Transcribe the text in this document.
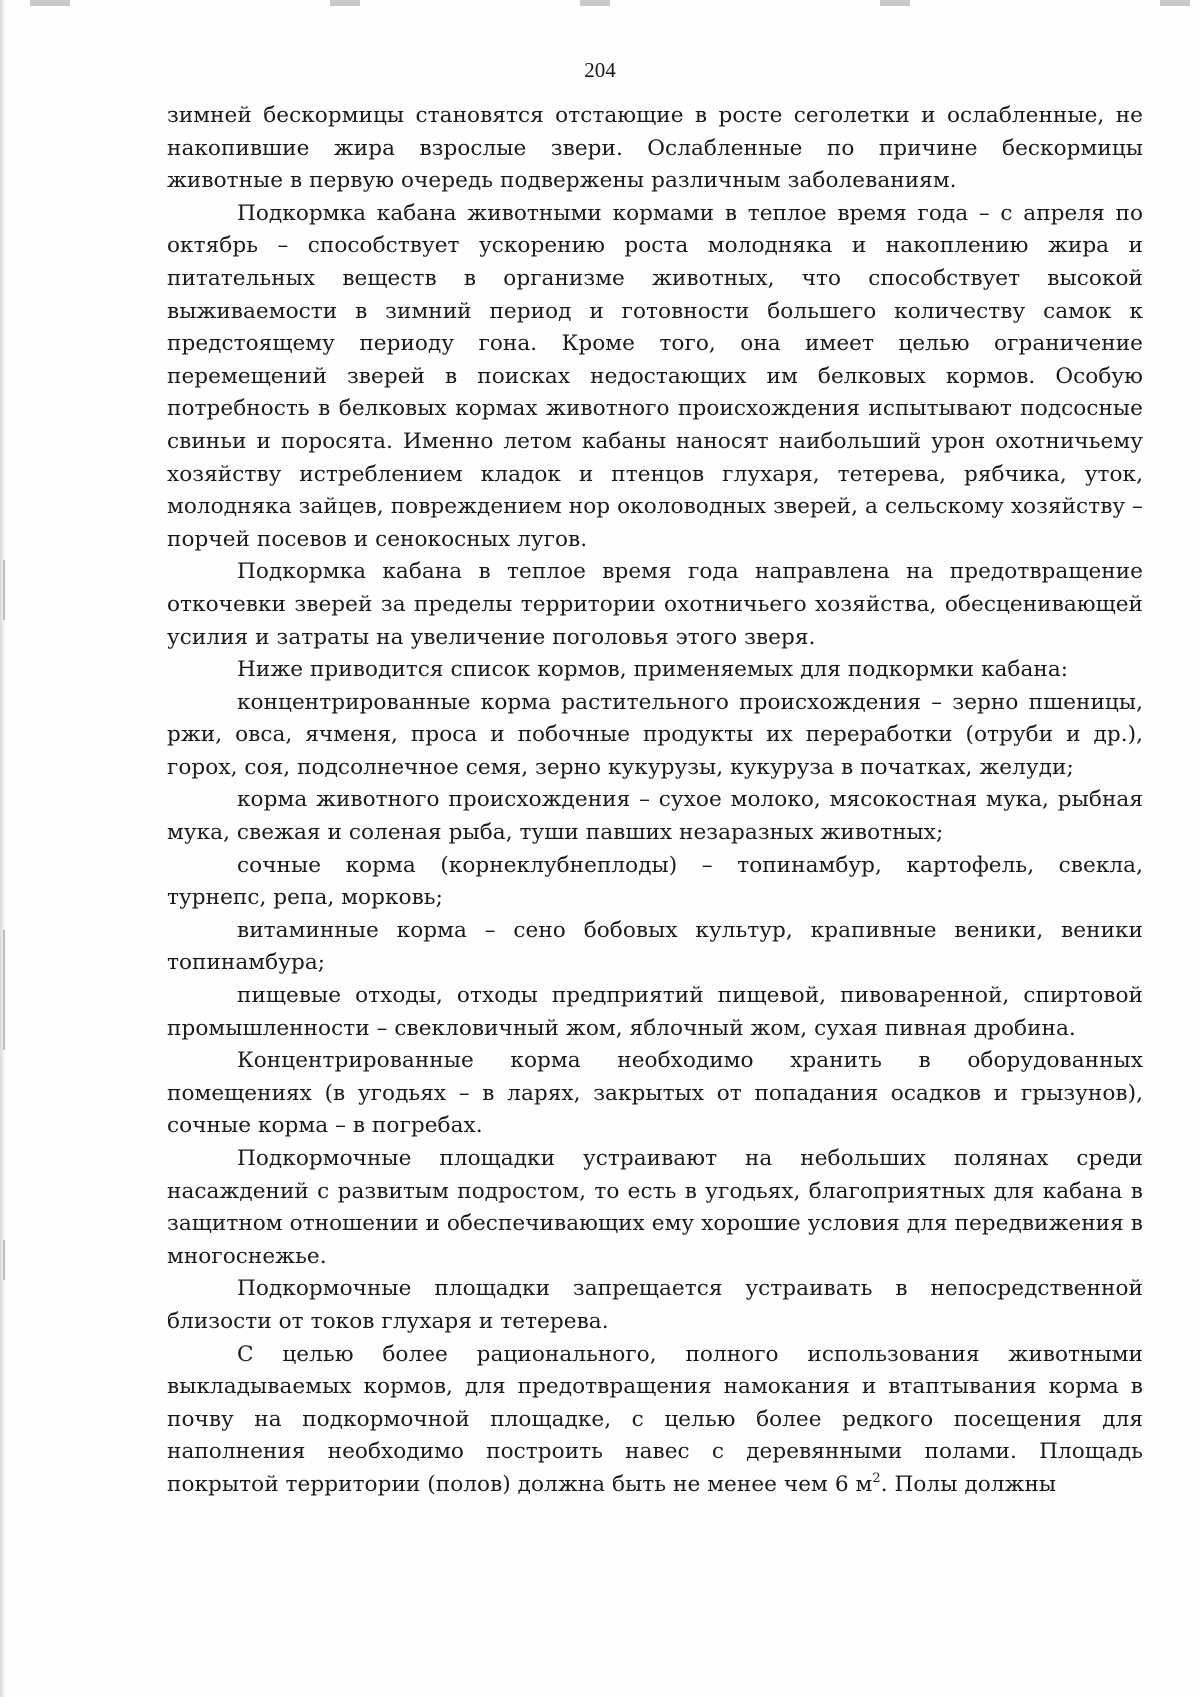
204

зимней бескормицы становятся отстающие в росте сеголетки и ослабленные, не накопившие жира взрослые звери. Ослабленные по причине бескормицы животные в первую очередь подвержены различным заболеваниям.

Подкормка кабана животными кормами в теплое время года – с апреля по октябрь – способствует ускорению роста молодняка и накоплению жира и питательных веществ в организме животных, что способствует высокой выживаемости в зимний период и готовности большего количеству самок к предстоящему периоду гона. Кроме того, она имеет целью ограничение перемещений зверей в поисках недостающих им белковых кормов. Особую потребность в белковых кормах животного происхождения испытывают подсосные свиньи и поросята. Именно летом кабаны наносят наибольший урон охотничьему хозяйству истреблением кладок и птенцов глухаря, тетерева, рябчика, уток, молодняка зайцев, повреждением нор околоводных зверей, а сельскому хозяйству – порчей посевов и сенокосных лугов.

Подкормка кабана в теплое время года направлена на предотвращение откочевки зверей за пределы территории охотничьего хозяйства, обесценивающей усилия и затраты на увеличение поголовья этого зверя.

Ниже приводится список кормов, применяемых для подкормки кабана:

концентрированные корма растительного происхождения – зерно пшеницы, ржи, овса, ячменя, проса и побочные продукты их переработки (отруби и др.), горох, соя, подсолнечное семя, зерно кукурузы, кукуруза в початках, желуди;

корма животного происхождения – сухое молоко, мясокостная мука, рыбная мука, свежая и соленая рыба, туши павших незаразных животных;

сочные корма (корнеклубнеплоды) – топинамбур, картофель, свекла, турнепс, репа, морковь;

витаминные корма – сено бобовых культур, крапивные веники, веники топинамбура;

пищевые отходы, отходы предприятий пищевой, пивоваренной, спиртовой промышленности – свекловичный жом, яблочный жом, сухая пивная дробина.

Концентрированные корма необходимо хранить в оборудованных помещениях (в угодьях – в ларях, закрытых от попадания осадков и грызунов), сочные корма – в погребах.

Подкормочные площадки устраивают на небольших полянах среди насаждений с развитым подростом, то есть в угодьях, благоприятных для кабана в защитном отношении и обеспечивающих ему хорошие условия для передвижения в многоснежье.

Подкормочные площадки запрещается устраивать в непосредственной близости от токов глухаря и тетерева.

С целью более рационального, полного использования животными выкладываемых кормов, для предотвращения намокания и втаптывания корма в почву на подкормочной площадке, с целью более редкого посещения для наполнения необходимо построить навес с деревянными полами. Площадь покрытой территории (полов) должна быть не менее чем 6 $м^2$. Полы должны
